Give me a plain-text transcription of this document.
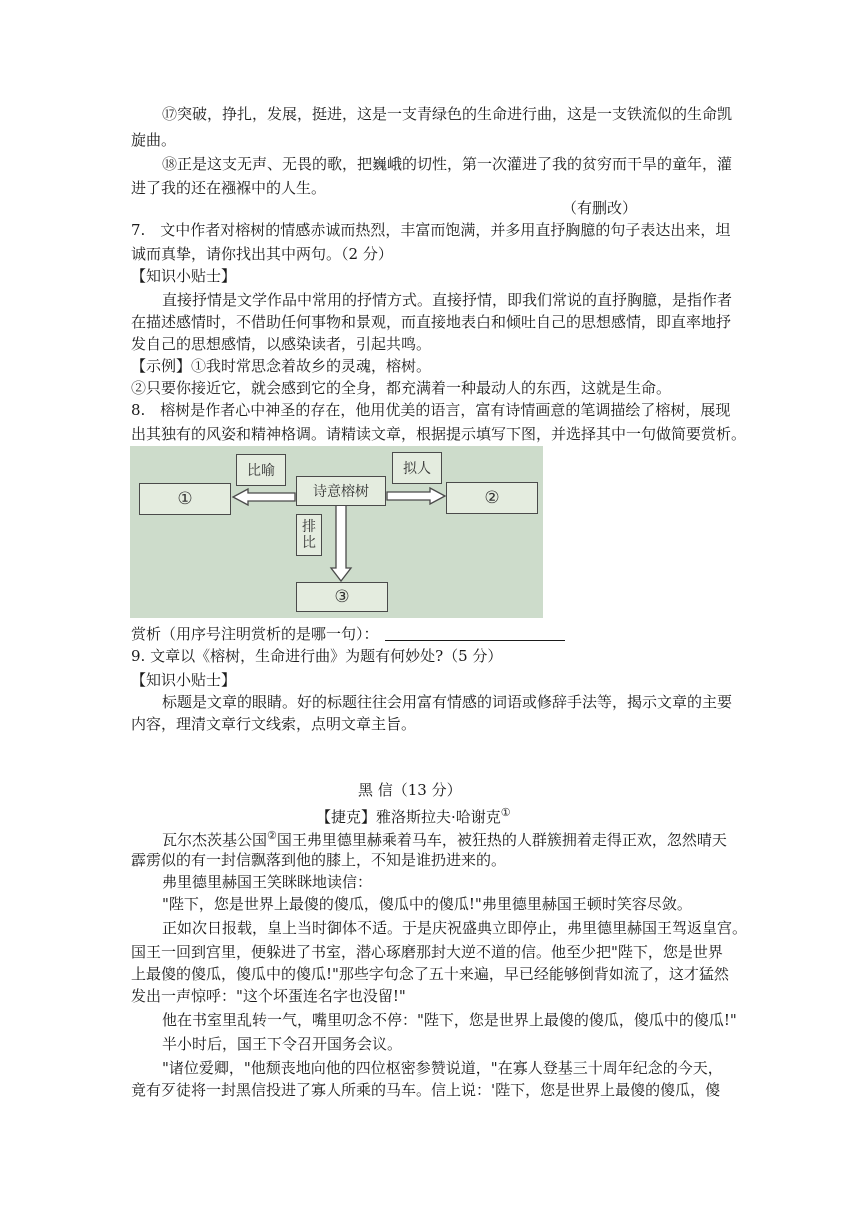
⑰突破，挣扎，发展，挺进，这是一支青绿色的生命进行曲，这是一支铁流似的生命凯
旋曲。
⑱正是这支无声、无畏的歌，把巍峨的切性，第一次灌进了我的贫穷而干旱的童年，灌
进了我的还在襁褓中的人生。
（有删改）
7.　文中作者对榕树的情感赤诚而热烈，丰富而饱满，并多用直抒胸臆的句子表达出来，坦
诚而真挚，请你找出其中两句。（2 分）
【知识小贴士】
直接抒情是文学作品中常用的抒情方式。直接抒情，即我们常说的直抒胸臆，是指作者
在描述感情时，不借助任何事物和景观，而直接地表白和倾吐自己的思想感情，即直率地抒
发自己的思想感情，以感染读者，引起共鸣。
【示例】①我时常思念着故乡的灵魂，榕树。
②只要你接近它，就会感到它的全身，都充满着一种最动人的东西，这就是生命。
8.　榕树是作者心中神圣的存在，他用优美的语言，富有诗情画意的笔调描绘了榕树，展现
出其独有的风姿和精神格调。请精读文章，根据提示填写下图，并选择其中一句做简要赏析。
比喻	拟人
诗意榕树
①	②
排
比
③
赏析（用序号注明赏析的是哪一句）：
9. 文章以《榕树，生命进行曲》为题有何妙处?（5 分）
【知识小贴士】
标题是文章的眼睛。好的标题往往会用富有情感的词语或修辞手法等，揭示文章的主要
内容，理清文章行文线索，点明文章主旨。
黑 信（13 分）
【捷克】雅洛斯拉夫·哈谢克①
瓦尔杰茨基公国②国王弗里德里赫乘着马车，被狂热的人群簇拥着走得正欢，忽然晴天
霹雳似的有一封信飘落到他的膝上，不知是谁扔进来的。
弗里德里赫国王笑眯眯地读信：
"陛下，您是世界上最傻的傻瓜，傻瓜中的傻瓜!"弗里德里赫国王顿时笑容尽敛。
正如次日报载，皇上当时御体不适。于是庆祝盛典立即停止，弗里德里赫国王驾返皇宫。
国王一回到宫里，便躲进了书室，潜心琢磨那封大逆不道的信。他至少把"陛下，您是世界
上最傻的傻瓜，傻瓜中的傻瓜!"那些字句念了五十来遍，早已经能够倒背如流了，这才猛然
发出一声惊呼："这个坏蛋连名字也没留!"
他在书室里乱转一气，嘴里叨念不停："陛下，您是世界上最傻的傻瓜，傻瓜中的傻瓜!"
半小时后，国王下令召开国务会议。
"诸位爱卿，"他颓丧地向他的四位枢密参赞说道，"在寡人登基三十周年纪念的今天，
竟有歹徒将一封黑信投进了寡人所乘的马车。信上说：'陛下，您是世界上最傻的傻瓜，傻
